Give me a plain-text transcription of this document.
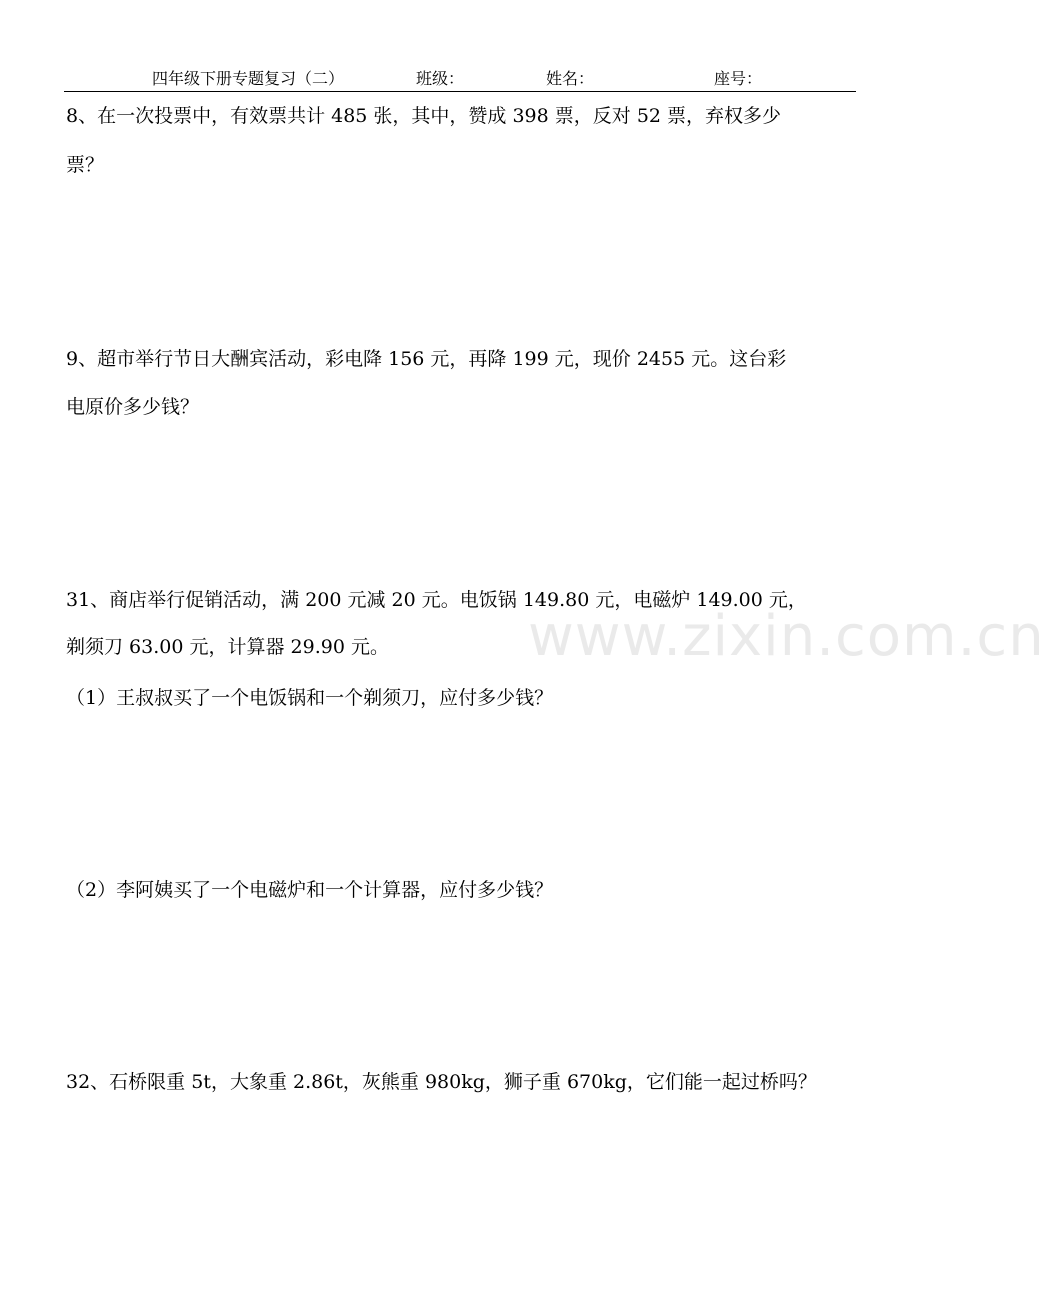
四年级下册专题复习（二）	班级：	姓名：	座号：
www.zixin.com.cn
8、在一次投票中，有效票共计 485 张，其中，赞成 398 票，反对 52 票，弃权多少
票？
9、超市举行节日大酬宾活动，彩电降 156 元，再降 199 元，现价 2455 元。这台彩
电原价多少钱？
31、商店举行促销活动，满 200 元减 20 元。电饭锅 149.80 元，电磁炉 149.00 元，
剃须刀 63.00 元，计算器 29.90 元。
（1）王叔叔买了一个电饭锅和一个剃须刀，应付多少钱？
（2）李阿姨买了一个电磁炉和一个计算器，应付多少钱？
32、石桥限重 5t，大象重 2.86t，灰熊重 980kg，狮子重 670kg，它们能一起过桥吗？
